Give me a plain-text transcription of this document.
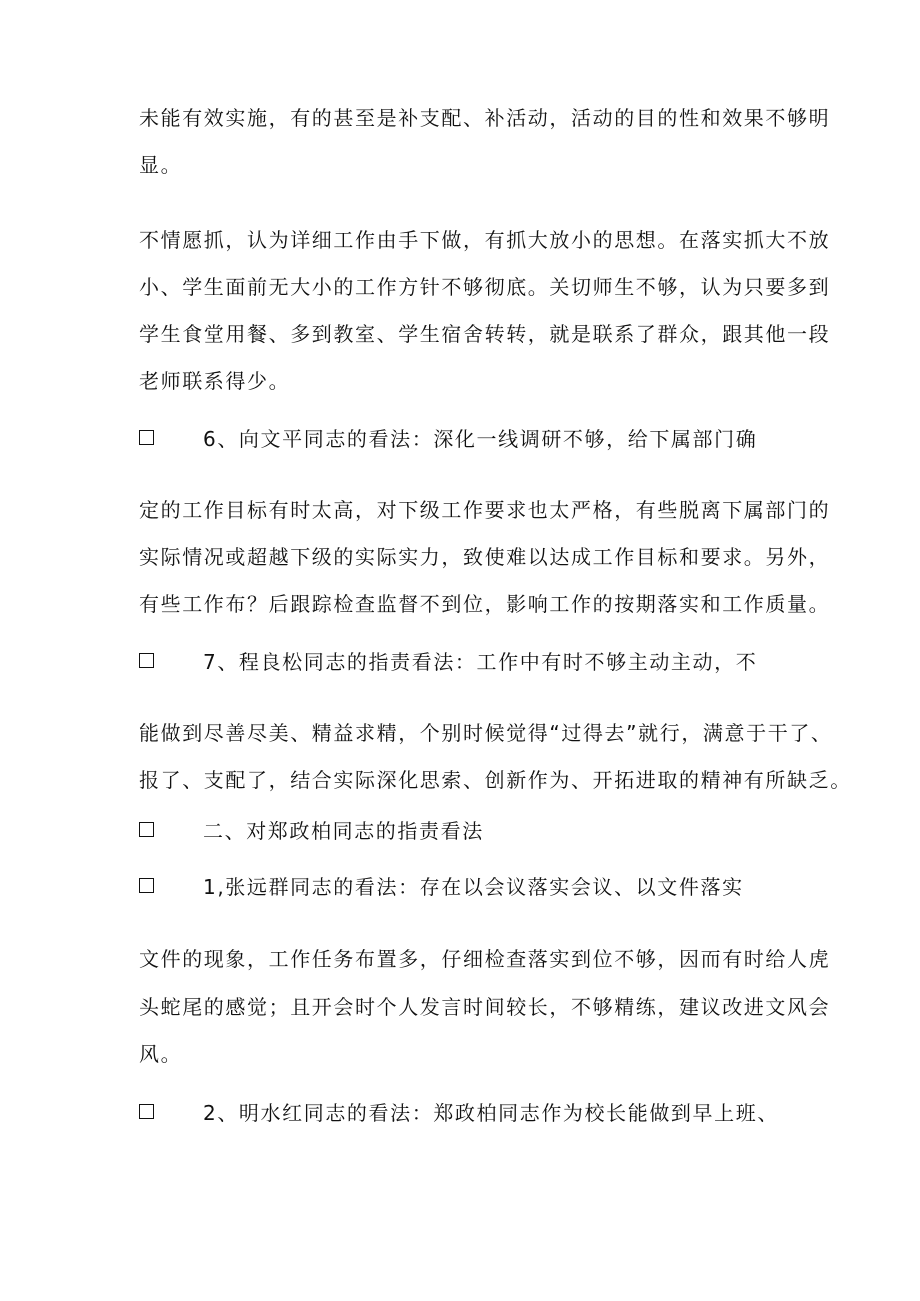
未能有效实施，有的甚至是补支配、补活动，活动的目的性和效果不够明
显。
不情愿抓，认为详细工作由手下做，有抓大放小的思想。在落实抓大不放
小、学生面前无大小的工作方针不够彻底。关切师生不够，认为只要多到
学生食堂用餐、多到教室、学生宿舍转转，就是联系了群众，跟其他一段
老师联系得少。
6、向文平同志的看法：深化一线调研不够，给下属部门确
定的工作目标有时太高，对下级工作要求也太严格，有些脱离下属部门的
实际情况或超越下级的实际实力，致使难以达成工作目标和要求。另外，
有些工作布？后跟踪检查监督不到位，影响工作的按期落实和工作质量。
7、程良松同志的指责看法：工作中有时不够主动主动，不
能做到尽善尽美、精益求精，个别时候觉得“过得去”就行，满意于干了、
报了、支配了，结合实际深化思索、创新作为、开拓进取的精神有所缺乏。
二、对郑政柏同志的指责看法
1,张远群同志的看法：存在以会议落实会议、以文件落实
文件的现象，工作任务布置多，仔细检查落实到位不够，因而有时给人虎
头蛇尾的感觉；且开会时个人发言时间较长，不够精练，建议改进文风会
风。
2、明水红同志的看法：郑政柏同志作为校长能做到早上班、
